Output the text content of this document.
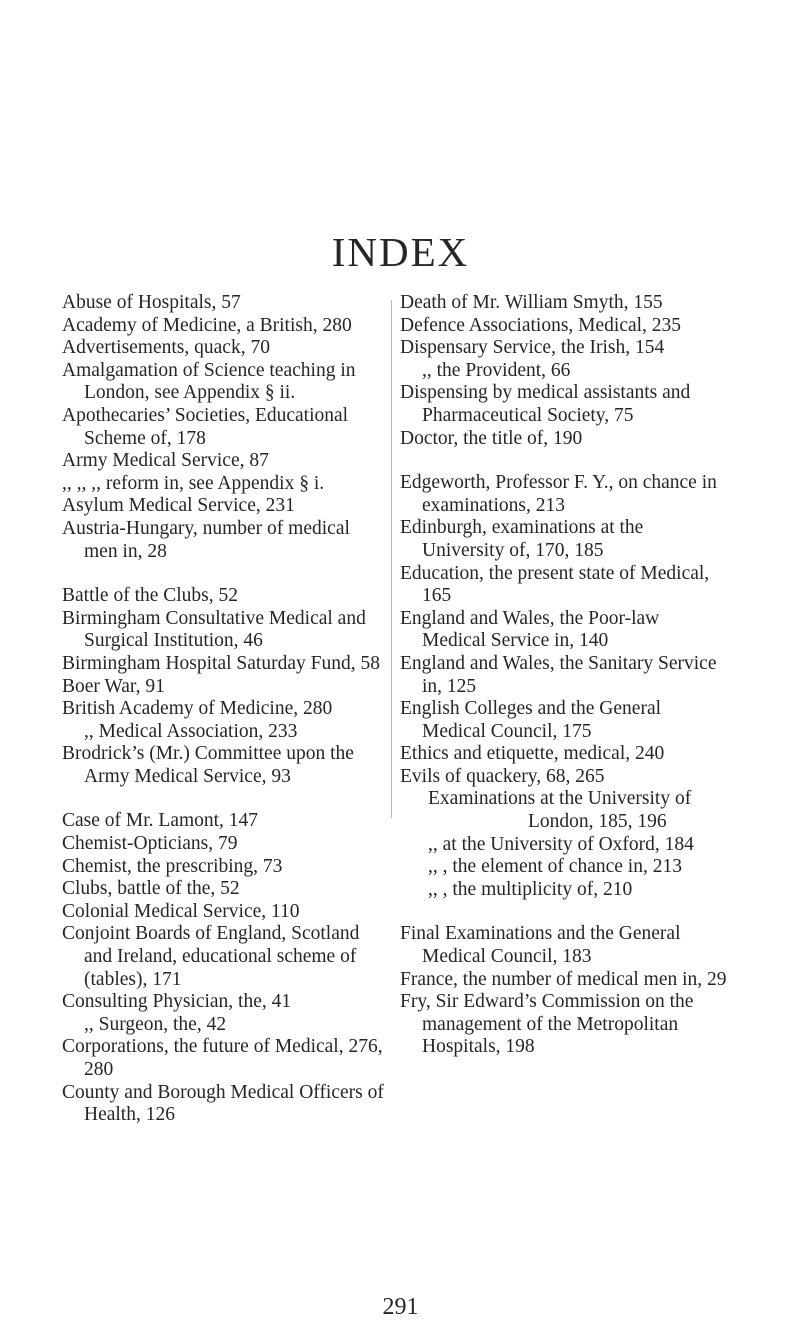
INDEX
Abuse of Hospitals, 57
Academy of Medicine, a British, 280
Advertisements, quack, 70
Amalgamation of Science teaching in London, see Appendix § ii.
Apothecaries’ Societies, Educational Scheme of, 178
Army Medical Service, 87
,, ,, ,, reform in, see Appendix § i.
Asylum Medical Service, 231
Austria-Hungary, number of medical men in, 28
Battle of the Clubs, 52
Birmingham Consultative Medical and Surgical Institution, 46
Birmingham Hospital Saturday Fund, 58
Boer War, 91
British Academy of Medicine, 280
,, Medical Association, 233
Brodrick’s (Mr.) Committee upon the Army Medical Service, 93
Case of Mr. Lamont, 147
Chemist-Opticians, 79
Chemist, the prescribing, 73
Clubs, battle of the, 52
Colonial Medical Service, 110
Conjoint Boards of England, Scotland and Ireland, educational scheme of (tables), 171
Consulting Physician, the, 41
,, Surgeon, the, 42
Corporations, the future of Medical, 276, 280
County and Borough Medical Officers of Health, 126
Death of Mr. William Smyth, 155
Defence Associations, Medical, 235
Dispensary Service, the Irish, 154
,, the Provident, 66
Dispensing by medical assistants and Pharmaceutical Society, 75
Doctor, the title of, 190
Edgeworth, Professor F. Y., on chance in examinations, 213
Edinburgh, examinations at the University of, 170, 185
Education, the present state of Medical, 165
England and Wales, the Poor-law Medical Service in, 140
England and Wales, the Sanitary Service in, 125
English Colleges and the General Medical Council, 175
Ethics and etiquette, medical, 240
Evils of quackery, 68, 265
Examinations at the University of London, 185, 196
,, at the University of Oxford, 184
,, , the element of chance in, 213
,, , the multiplicity of, 210
Final Examinations and the General Medical Council, 183
France, the number of medical men in, 29
Fry, Sir Edward’s Commission on the management of the Metropolitan Hospitals, 198
291
